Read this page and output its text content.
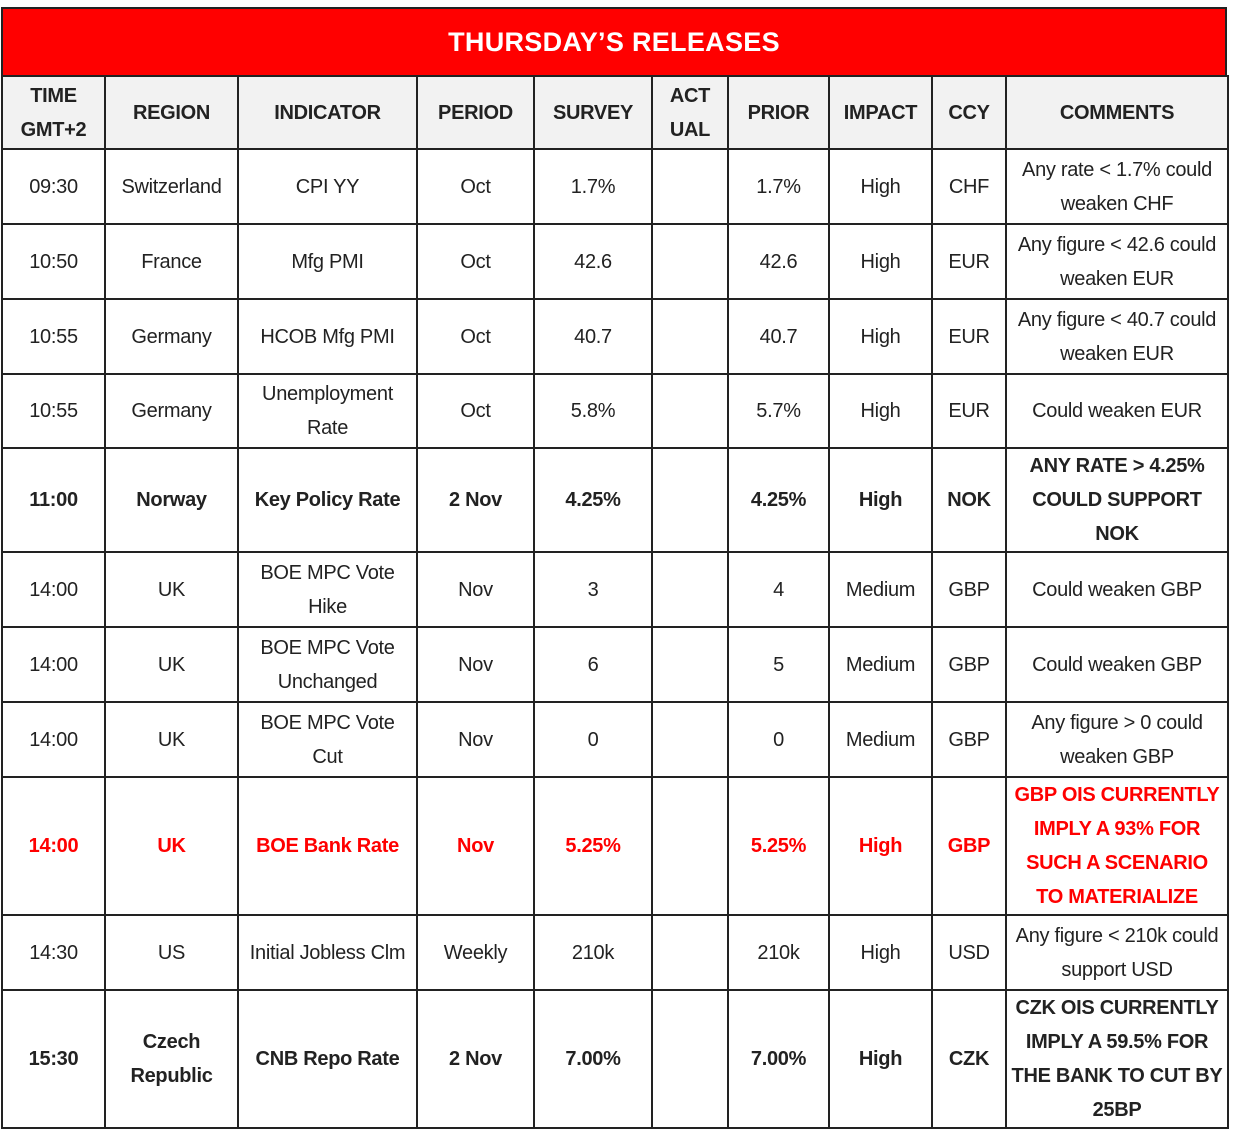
THURSDAY’S RELEASES
TIME GMT+2	REGION	INDICATOR	PERIOD	SURVEY	ACT UAL	PRIOR	IMPACT	CCY	COMMENTS
09:30	Switzerland	CPI YY	Oct	1.7%		1.7%	High	CHF	Any rate < 1.7% could weaken CHF
10:50	France	Mfg PMI	Oct	42.6		42.6	High	EUR	Any figure < 42.6 could weaken EUR
10:55	Germany	HCOB Mfg PMI	Oct	40.7		40.7	High	EUR	Any figure < 40.7 could weaken EUR
10:55	Germany	Unemployment Rate	Oct	5.8%		5.7%	High	EUR	Could weaken EUR
11:00	Norway	Key Policy Rate	2 Nov	4.25%		4.25%	High	NOK	ANY RATE > 4.25% COULD SUPPORT NOK
14:00	UK	BOE MPC Vote Hike	Nov	3		4	Medium	GBP	Could weaken GBP
14:00	UK	BOE MPC Vote Unchanged	Nov	6		5	Medium	GBP	Could weaken GBP
14:00	UK	BOE MPC Vote Cut	Nov	0		0	Medium	GBP	Any figure > 0 could weaken GBP
14:00	UK	BOE Bank Rate	Nov	5.25%		5.25%	High	GBP	GBP OIS CURRENTLY IMPLY A 93% FOR SUCH A SCENARIO TO MATERIALIZE
14:30	US	Initial Jobless Clm	Weekly	210k		210k	High	USD	Any figure < 210k could support USD
15:30	Czech Republic	CNB Repo Rate	2 Nov	7.00%		7.00%	High	CZK	CZK OIS CURRENTLY IMPLY A 59.5% FOR THE BANK TO CUT BY 25BP
